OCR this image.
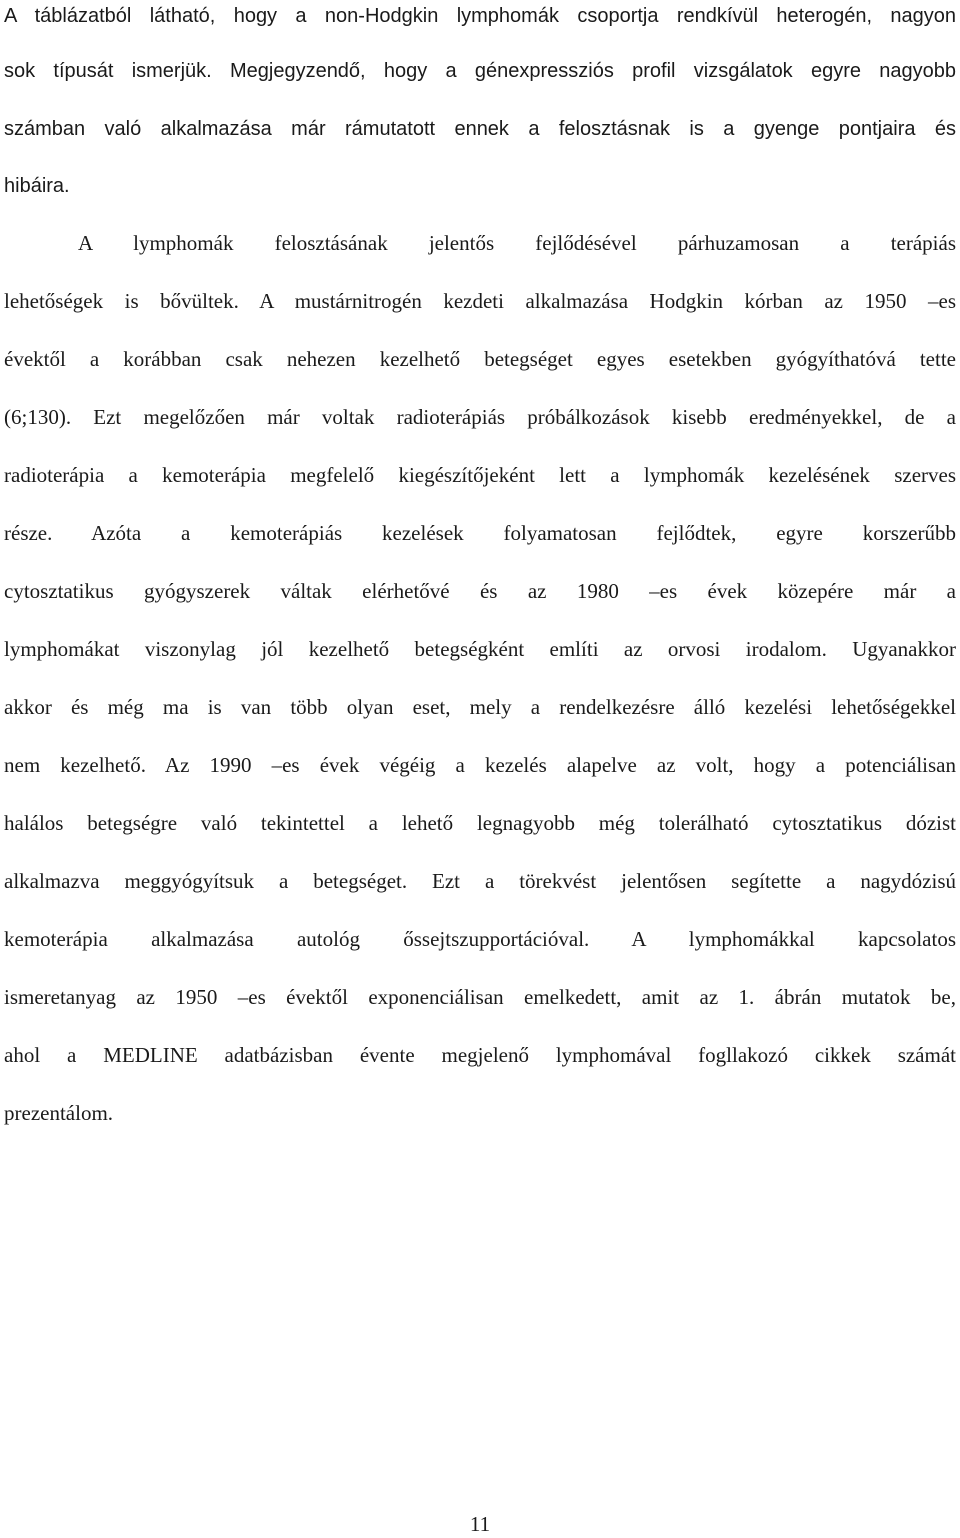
A táblázatból látható, hogy a non-Hodgkin lymphomák csoportja rendkívül heterogén, nagyon
sok típusát ismerjük. Megjegyzendő, hogy a génexpressziós profil vizsgálatok egyre nagyobb
számban való alkalmazása már rámutatott ennek a felosztásnak is a gyenge pontjaira és
hibáira.
A lymphomák felosztásának jelentős fejlődésével párhuzamosan a terápiás
lehetőségek is bővültek. A mustárnitrogén kezdeti alkalmazása Hodgkin kórban az 1950 –es
évektől a korábban csak nehezen kezelhető betegséget egyes esetekben gyógyíthatóvá tette
(6;130). Ezt megelőzően már voltak radioterápiás próbálkozások kisebb eredményekkel, de a
radioterápia a kemoterápia megfelelő kiegészítőjeként lett a lymphomák kezelésének szerves
része. Azóta a kemoterápiás kezelések folyamatosan fejlődtek, egyre korszerűbb
cytosztatikus gyógyszerek váltak elérhetővé és az 1980 –es évek közepére már a
lymphomákat viszonylag jól kezelhető betegségként említi az orvosi irodalom. Ugyanakkor
akkor és még ma is van több olyan eset, mely a rendelkezésre álló kezelési lehetőségekkel
nem kezelhető. Az 1990 –es évek végéig a kezelés alapelve az volt, hogy a potenciálisan
halálos betegségre való tekintettel a lehető legnagyobb még tolerálható cytosztatikus dózist
alkalmazva meggyógyítsuk a betegséget. Ezt a törekvést jelentősen segítette a nagydózisú
kemoterápia alkalmazása autológ őssejtszupportációval. A lymphomákkal kapcsolatos
ismeretanyag az 1950 –es évektől exponenciálisan emelkedett, amit az 1. ábrán mutatok be,
ahol a MEDLINE adatbázisban évente megjelenő lymphomával fogllakozó cikkek számát
prezentálom.
11
